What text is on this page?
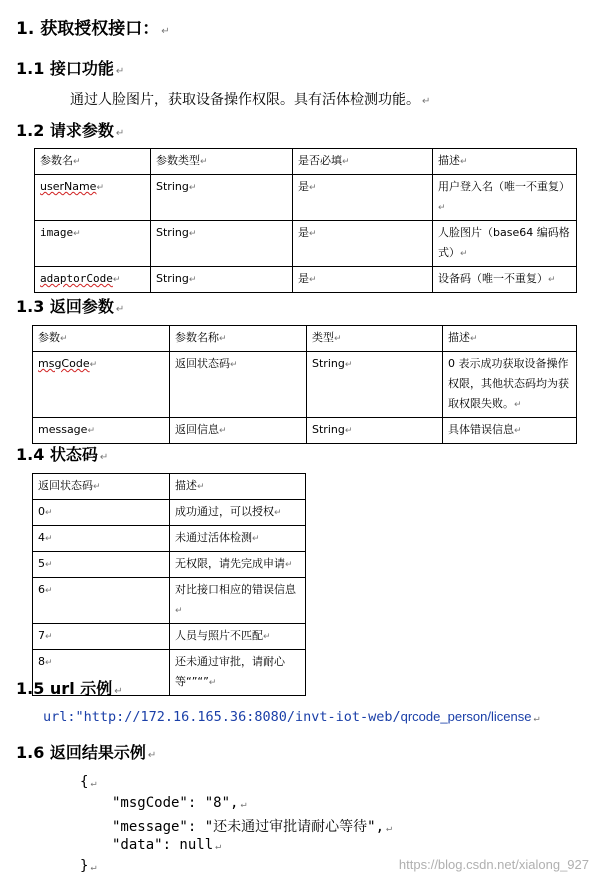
1. 获取授权接口： ↵
1.1 接口功能 ↵
通过人脸图片，获取设备操作权限。具有活体检测功能。 ↵
1.2 请求参数 ↵
参数名↵	参数类型↵	是否必填↵	描述↵
userName↵	String↵	是↵	用户登入名（唯一不重复）↵
image↵	String↵	是↵	人脸图片（base64 编码格式）↵
adaptorCode↵	String↵	是↵	设备码（唯一不重复）↵
1.3 返回参数 ↵
参数↵	参数名称↵	类型↵	描述↵
msgCode↵	返回状态码↵	String↵	0 表示成功获取设备操作权限，其他状态码均为获取权限失败。↵
message↵	返回信息↵	String↵	具体错误信息↵
1.4 状态码 ↵
返回状态码↵	描述↵
0↵	成功通过，可以授权↵
4↵	未通过活体检测↵
5↵	无权限，请先完成申请↵
6↵	对比接口相应的错误信息↵
7↵	人员与照片不匹配↵
8↵	还未通过审批，请耐心等“”“”↵
1.5 url 示例 ↵
url:"http://172.16.165.36:8080/invt-iot-web/qrcode_person/license ↵
1.6 返回结果示例 ↵
{ ↵
"msgCode": "8", ↵
"message": "还未通过审批请耐心等待", ↵
"data": null ↵
} ↵	https://blog.csdn.net/xialong_927
